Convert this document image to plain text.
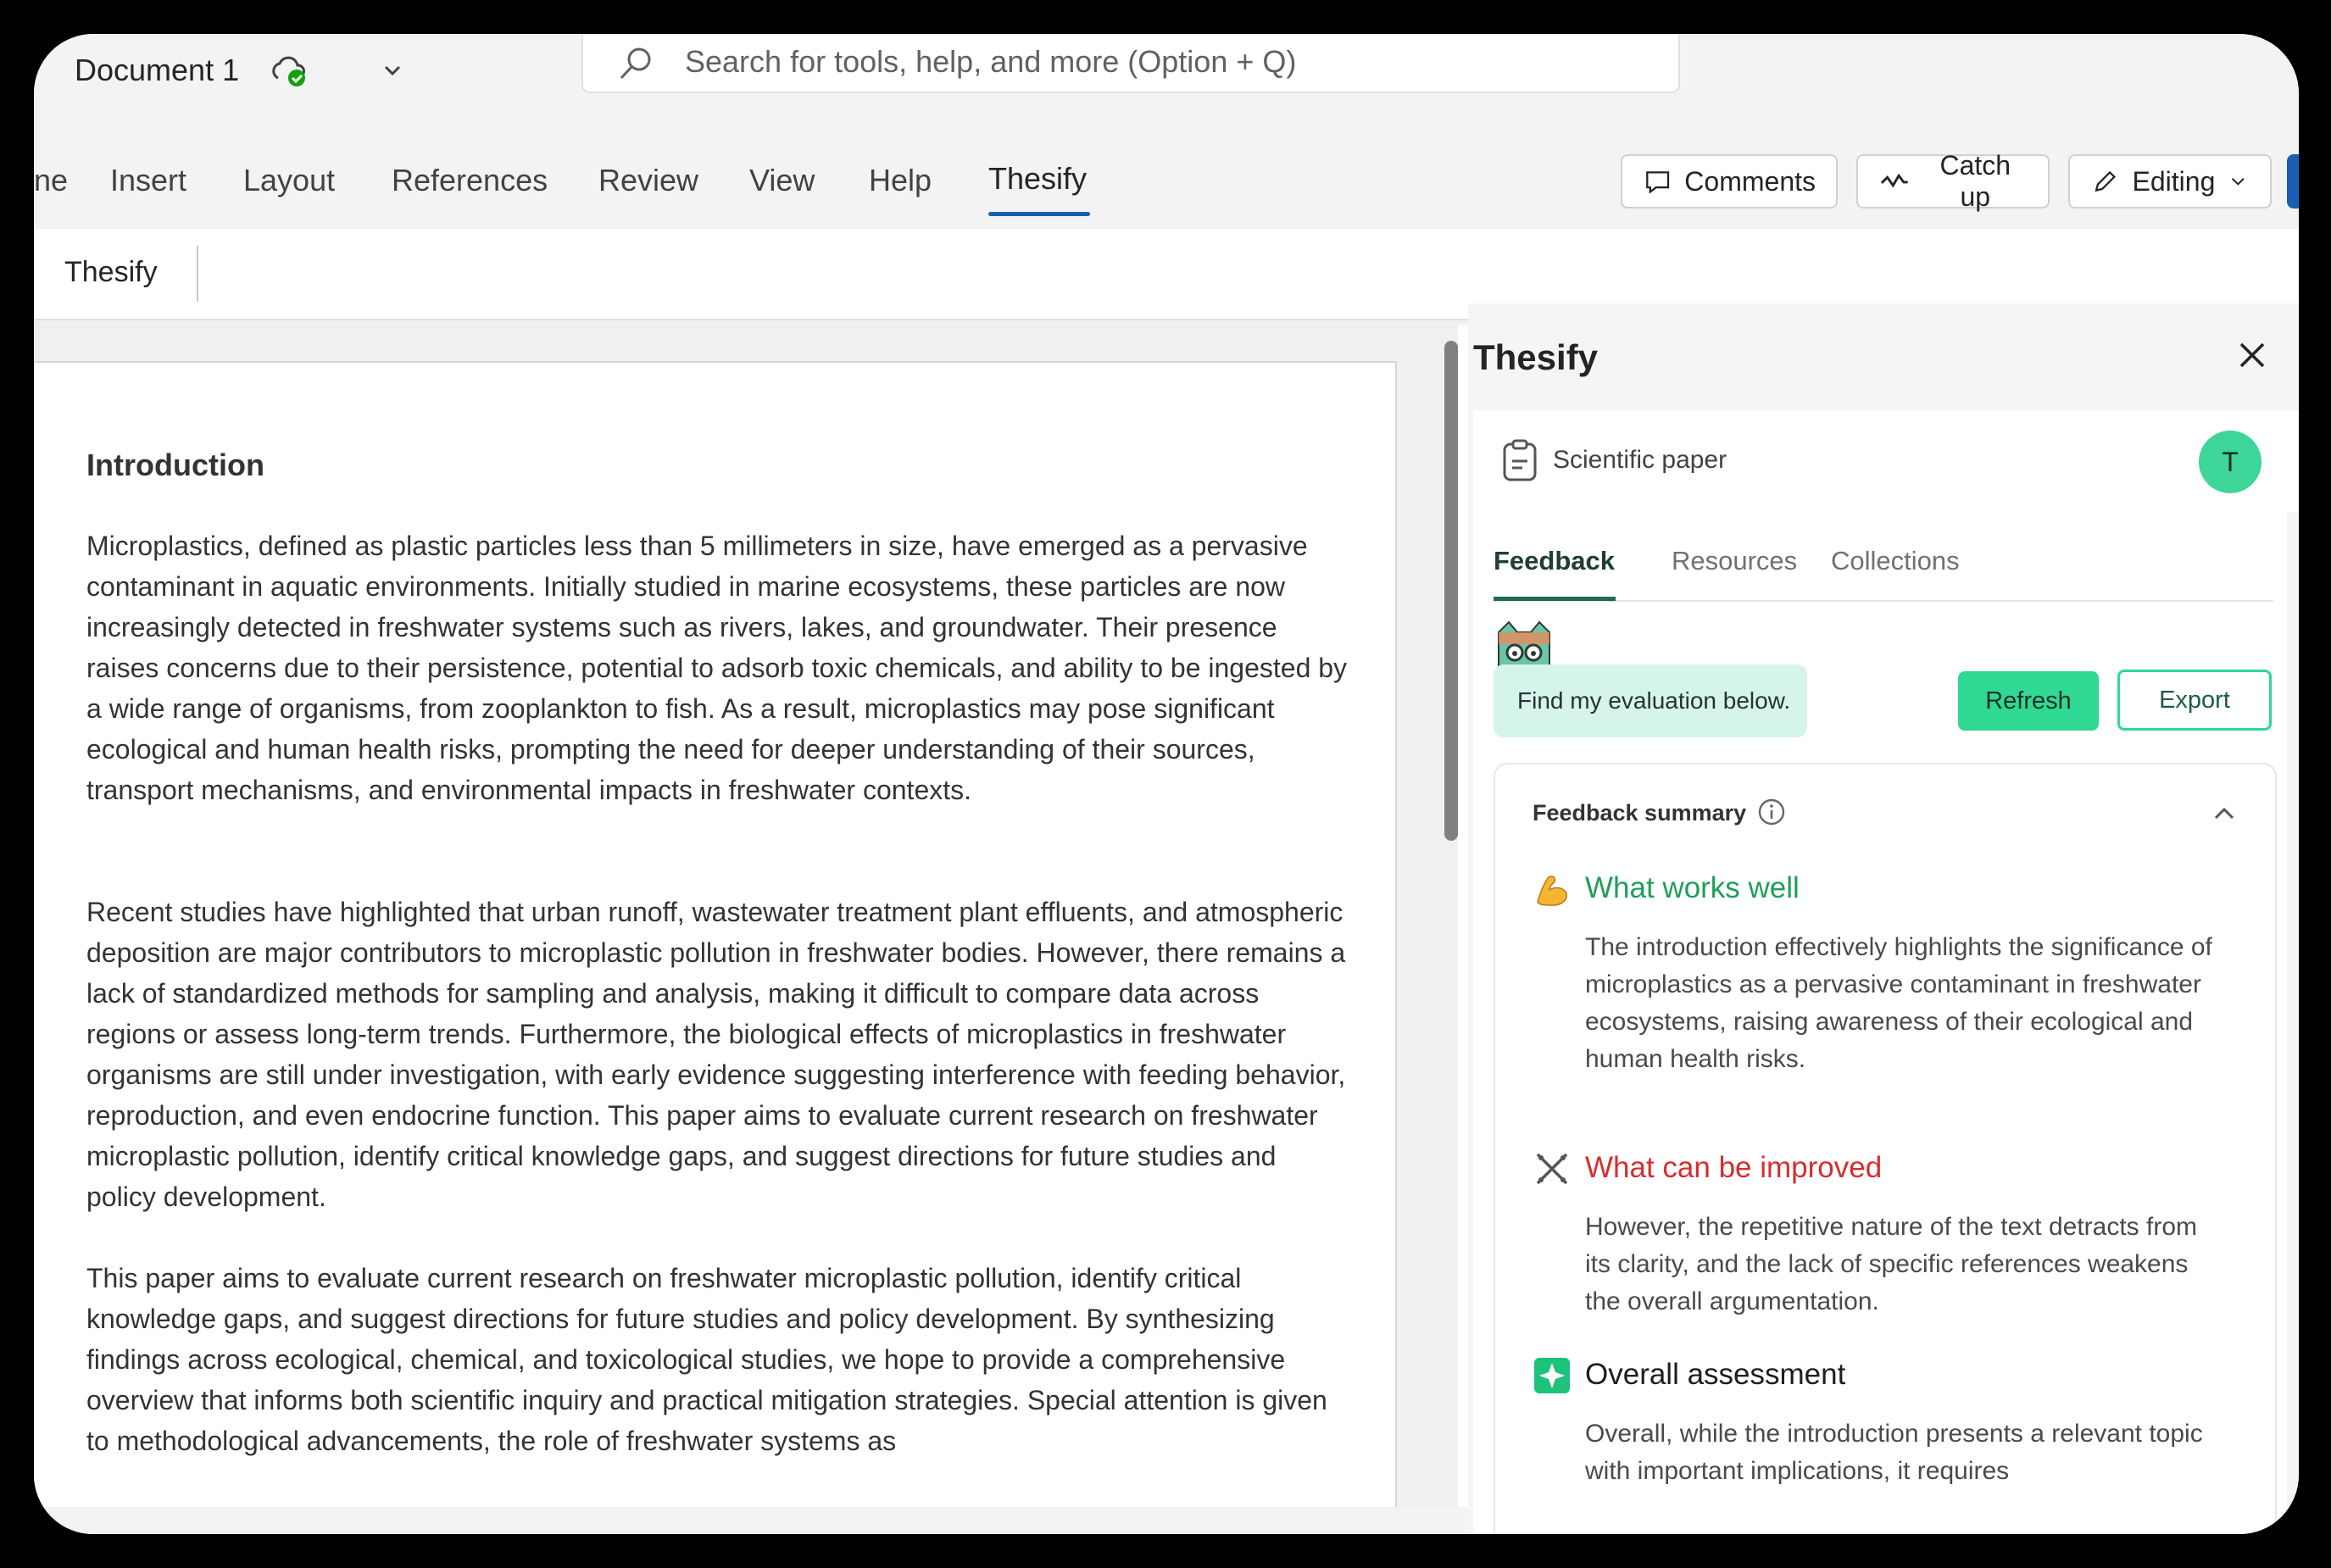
Document 1
Search for tools, help, and more (Option + Q)
ne Insert Layout References Review View Help Thesify	Comments
Catch up
Editing
Thesify
Introduction

Microplastics, defined as plastic particles less than 5 millimeters in size, have emerged as a pervasive contaminant in aquatic environments. Initially studied in marine ecosystems, these particles are now increasingly detected in freshwater systems such as rivers, lakes, and groundwater. Their presence raises concerns due to their persistence, potential to adsorb toxic chemicals, and ability to be ingested by a wide range of organisms, from zooplankton to fish. As a result, microplastics may pose significant ecological and human health risks, prompting the need for deeper understanding of their sources, transport mechanisms, and environmental impacts in freshwater contexts.

Recent studies have highlighted that urban runoff, wastewater treatment plant effluents, and atmospheric deposition are major contributors to microplastic pollution in freshwater bodies. However, there remains a lack of standardized methods for sampling and analysis, making it difficult to compare data across regions or assess long-term trends. Furthermore, the biological effects of microplastics in freshwater organisms are still under investigation, with early evidence suggesting interference with feeding behavior, reproduction, and even endocrine function. This paper aims to evaluate current research on freshwater microplastic pollution, identify critical knowledge gaps, and suggest directions for future studies and policy development.

This paper aims to evaluate current research on freshwater microplastic pollution, identify critical knowledge gaps, and suggest directions for future studies and policy development. By synthesizing findings across ecological, chemical, and toxicological studies, we hope to provide a comprehensive overview that informs both scientific inquiry and practical mitigation strategies. Special attention is given to methodological advancements, the role of freshwater systems as

Thesify
Scientific paper	T
Feedback Resources Collections
Find my evaluation below.	Refresh	Export
Feedback summary
What works well

The introduction effectively highlights the significance of microplastics as a pervasive contaminant in freshwater ecosystems, raising awareness of their ecological and human health risks.

What can be improved

However, the repetitive nature of the text detracts from its clarity, and the lack of specific references weakens the overall argumentation.

Overall assessment

Overall, while the introduction presents a relevant topic with important implications, it requires
